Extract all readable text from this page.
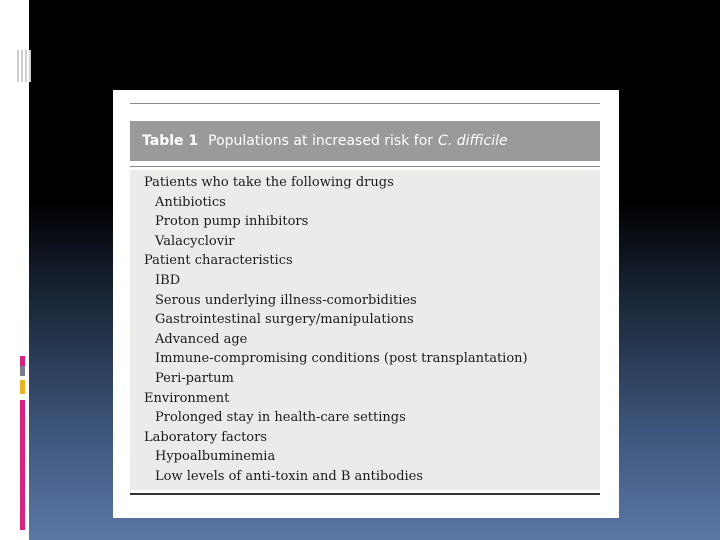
Table 1 Populations at increased risk for C. difficile
Patients who take the following drugs
Antibiotics
Proton pump inhibitors
Valacyclovir
Patient characteristics
IBD
Serous underlying illness-comorbidities
Gastrointestinal surgery/manipulations
Advanced age
Immune-compromising conditions (post transplantation)
Peri-partum
Environment
Prolonged stay in health-care settings
Laboratory factors
Hypoalbuminemia
Low levels of anti-toxin and B antibodies
